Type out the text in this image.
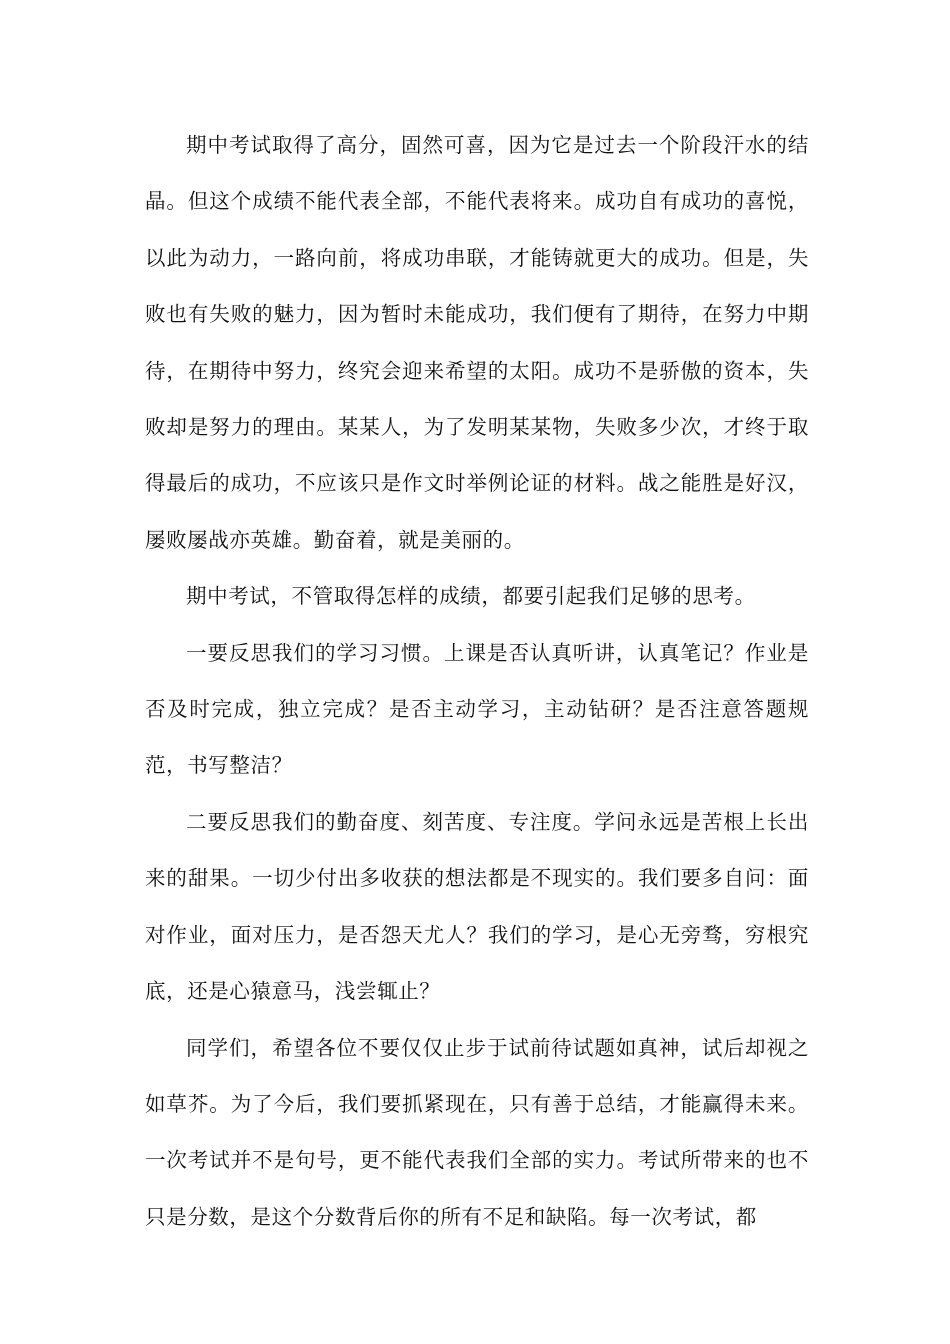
期中考试取得了高分，固然可喜，因为它是过去一个阶段汗水的结晶。但这个成绩不能代表全部，不能代表将来。成功自有成功的喜悦，以此为动力，一路向前，将成功串联，才能铸就更大的成功。但是，失败也有失败的魅力，因为暂时未能成功，我们便有了期待，在努力中期待，在期待中努力，终究会迎来希望的太阳。成功不是骄傲的资本，失败却是努力的理由。某某人，为了发明某某物，失败多少次，才终于取得最后的成功，不应该只是作文时举例论证的材料。战之能胜是好汉，屡败屡战亦英雄。勤奋着，就是美丽的。

期中考试，不管取得怎样的成绩，都要引起我们足够的思考。

一要反思我们的学习习惯。上课是否认真听讲，认真笔记？作业是否及时完成，独立完成？是否主动学习，主动钻研？是否注意答题规范，书写整洁？

二要反思我们的勤奋度、刻苦度、专注度。学问永远是苦根上长出来的甜果。一切少付出多收获的想法都是不现实的。我们要多自问：面对作业，面对压力，是否怨天尤人？我们的学习，是心无旁骛，穷根究底，还是心猿意马，浅尝辄止？

同学们，希望各位不要仅仅止步于试前待试题如真神，试后却视之如草芥。为了今后，我们要抓紧现在，只有善于总结，才能赢得未来。一次考试并不是句号，更不能代表我们全部的实力。考试所带来的也不只是分数，是这个分数背后你的所有不足和缺陷。每一次考试，都
